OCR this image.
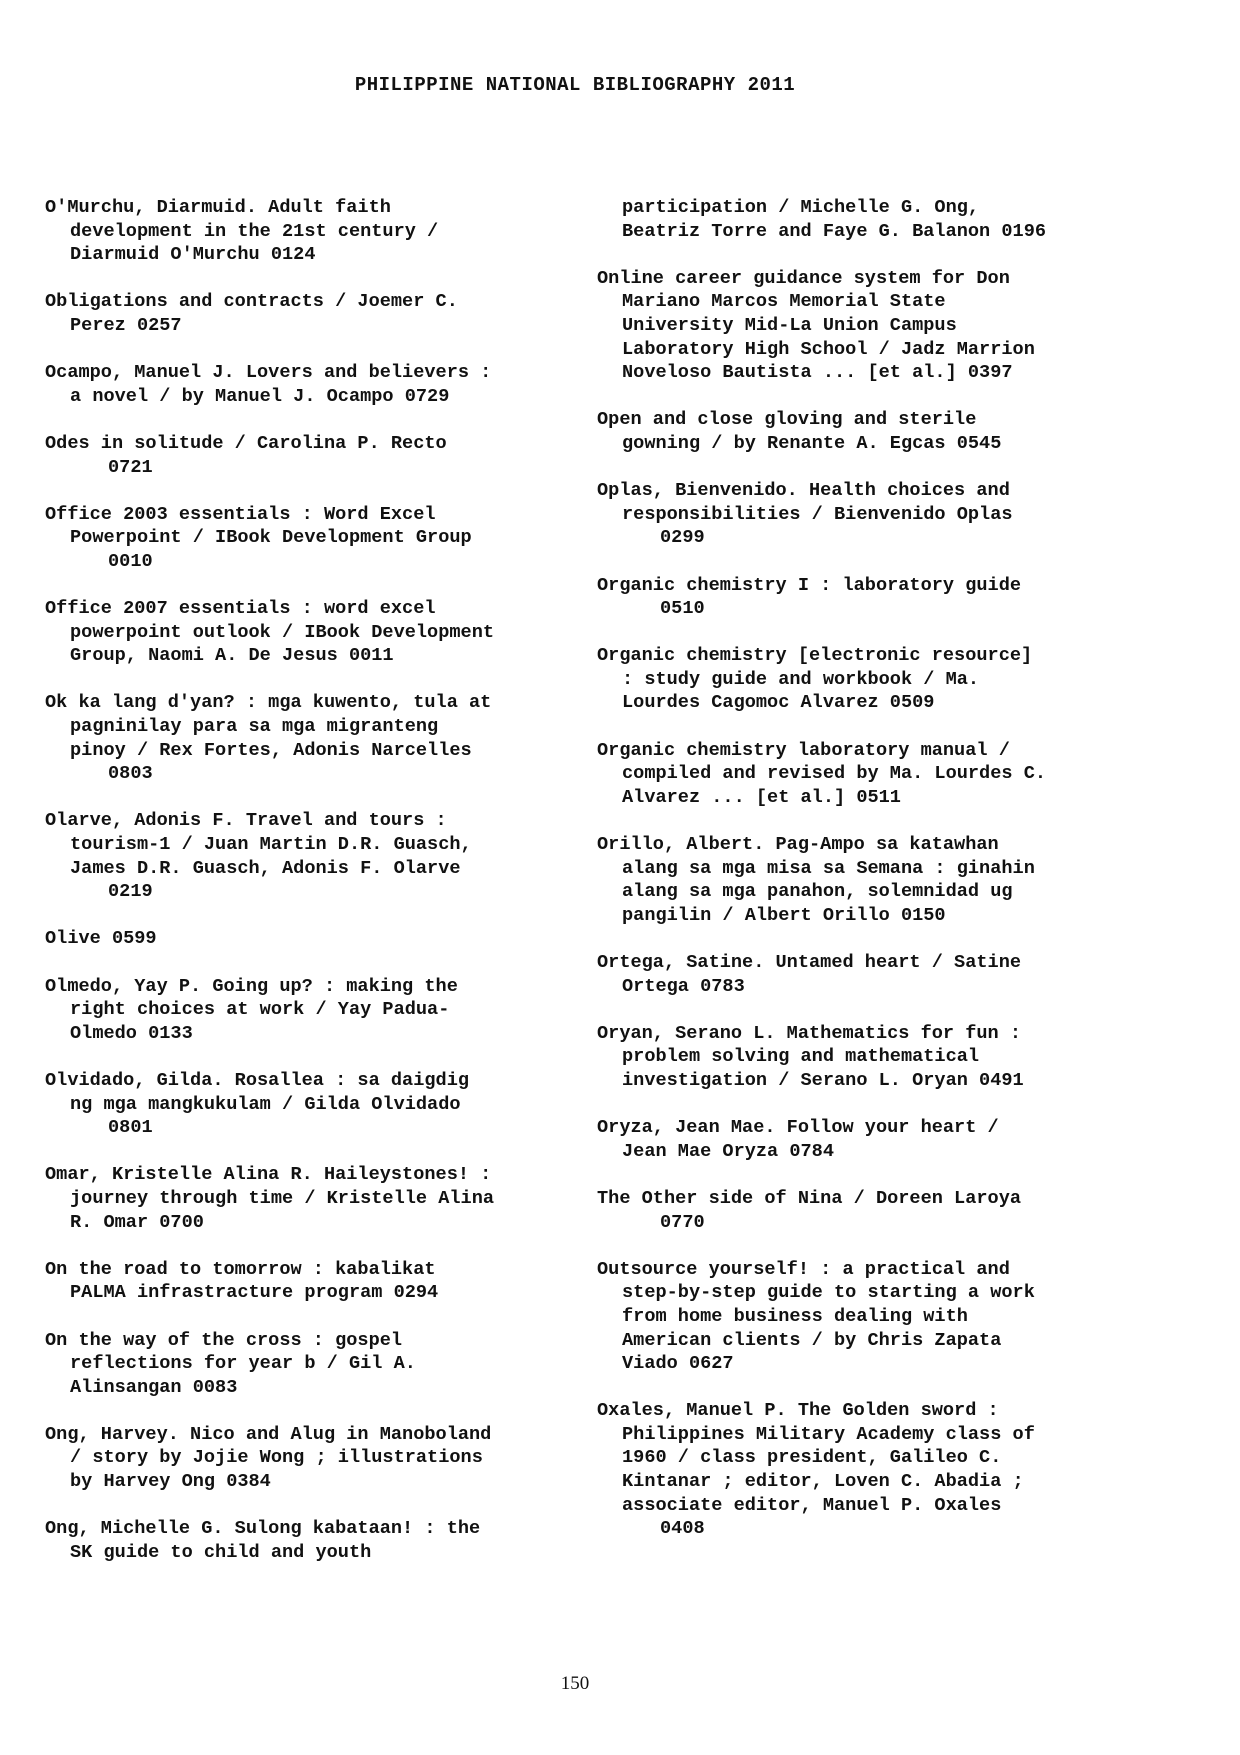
PHILIPPINE NATIONAL BIBLIOGRAPHY 2011
O'Murchu, Diarmuid. Adult faith
development in the 21st century /
Diarmuid O'Murchu 0124
Obligations and contracts / Joemer C.
Perez 0257
Ocampo, Manuel J. Lovers and believers :
a novel / by Manuel J. Ocampo 0729
Odes in solitude / Carolina P. Recto
0721
Office 2003 essentials : Word Excel
Powerpoint / IBook Development Group
0010
Office 2007 essentials : word excel
powerpoint outlook / IBook Development
Group, Naomi A. De Jesus 0011
Ok ka lang d'yan? : mga kuwento, tula at
pagninilay para sa mga migranteng
pinoy / Rex Fortes, Adonis Narcelles
0803
Olarve, Adonis F. Travel and tours :
tourism-1 / Juan Martin D.R. Guasch,
James D.R. Guasch, Adonis F. Olarve
0219
Olive 0599
Olmedo, Yay P. Going up? : making the
right choices at work / Yay Padua-
Olmedo 0133
Olvidado, Gilda. Rosallea : sa daigdig
ng mga mangkukulam / Gilda Olvidado
0801
Omar, Kristelle Alina R. Haileystones! :
journey through time / Kristelle Alina
R. Omar 0700
On the road to tomorrow : kabalikat
PALMA infrastracture program 0294
On the way of the cross : gospel
reflections for year b / Gil A.
Alinsangan 0083
Ong, Harvey. Nico and Alug in Manoboland
/ story by Jojie Wong ; illustrations
by Harvey Ong 0384
Ong, Michelle G. Sulong kabataan! : the
SK guide to child and youth
participation / Michelle G. Ong,
Beatriz Torre and Faye G. Balanon 0196
Online career guidance system for Don
Mariano Marcos Memorial State
University Mid-La Union Campus
Laboratory High School / Jadz Marrion
Noveloso Bautista ... [et al.] 0397
Open and close gloving and sterile
gowning / by Renante A. Egcas 0545
Oplas, Bienvenido. Health choices and
responsibilities / Bienvenido Oplas
0299
Organic chemistry I : laboratory guide
0510
Organic chemistry [electronic resource]
: study guide and workbook / Ma.
Lourdes Cagomoc Alvarez 0509
Organic chemistry laboratory manual /
compiled and revised by Ma. Lourdes C.
Alvarez ... [et al.] 0511
Orillo, Albert. Pag-Ampo sa katawhan
alang sa mga misa sa Semana : ginahin
alang sa mga panahon, solemnidad ug
pangilin / Albert Orillo 0150
Ortega, Satine. Untamed heart / Satine
Ortega 0783
Oryan, Serano L. Mathematics for fun :
problem solving and mathematical
investigation / Serano L. Oryan 0491
Oryza, Jean Mae. Follow your heart /
Jean Mae Oryza 0784
The Other side of Nina / Doreen Laroya
0770
Outsource yourself! : a practical and
step-by-step guide to starting a work
from home business dealing with
American clients / by Chris Zapata
Viado 0627
Oxales, Manuel P. The Golden sword :
Philippines Military Academy class of
1960 / class president, Galileo C.
Kintanar ; editor, Loven C. Abadia ;
associate editor, Manuel P. Oxales
0408
150
